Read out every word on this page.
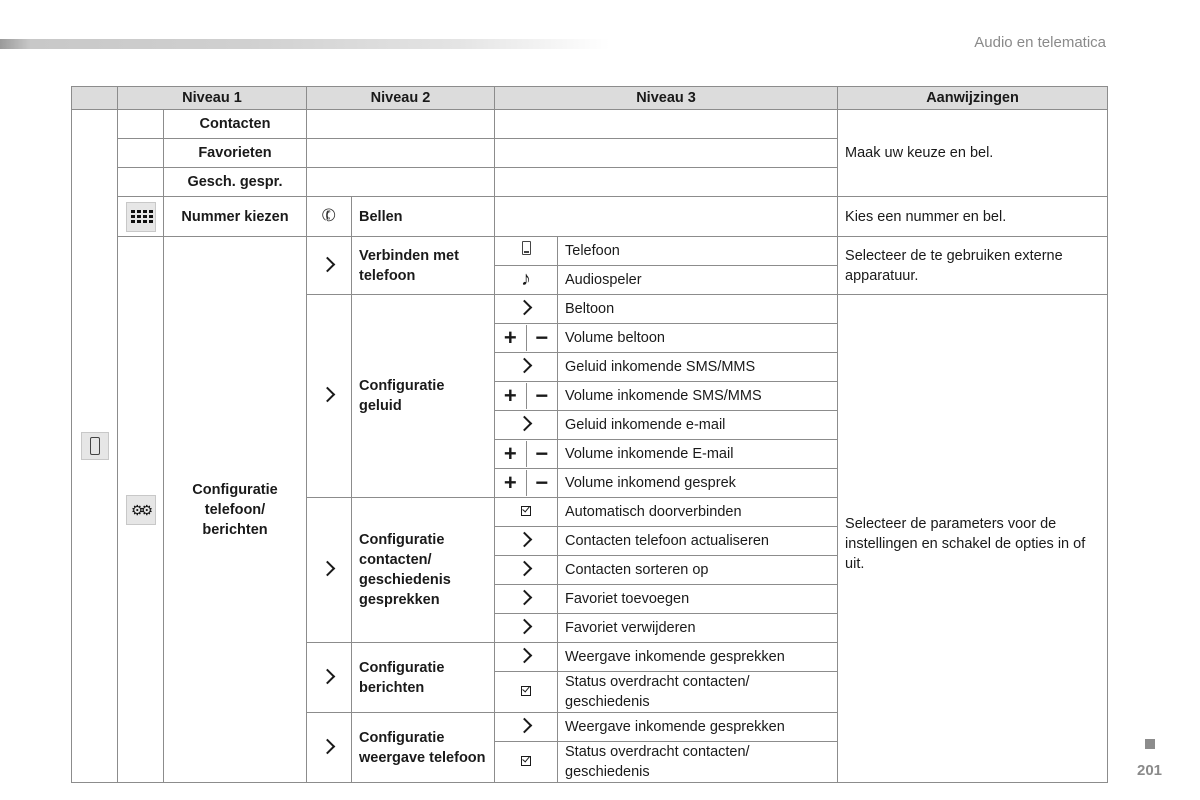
Audio en telematica
	Niveau 1		Niveau 2		Niveau 3		Aanwijzingen

		Contacten					Maak uw keuze en bel.
		Favorieten					
		Gesch. gespr.					

		Nummer kiezen	✆	Bellen			Kies een nummer en bel.
	⚙⚙	Configuratie telefoon/ berichten		Verbinden met telefoon		Telefoon	Selecteer de te gebruiken externe apparatuur.
					♪	Audiospeler	
				Configuratie geluid		Beltoon	Selecteer de parameters voor de instellingen en schakel de opties in of uit.

					+ −	Volume beltoon	
						Geluid inkomende SMS/MMS	

					+ −	Volume inkomende SMS/MMS	
						Geluid inkomende e-mail	

					+ −	Volume inkomende E-mail	

					+ −	Volume inkomend gesprek	
				Configuratie contacten/ geschiedenis gesprekken		Automatisch doorverbinden	
						Contacten telefoon actualiseren	
						Contacten sorteren op	
						Favoriet toevoegen	
						Favoriet verwijderen	
				Configuratie berichten		Weergave inkomende gesprekken	
						Status overdracht contacten/ geschiedenis	
				Configuratie weergave telefoon		Weergave inkomende gesprekken	
						Status overdracht contacten/ geschiedenis		201
